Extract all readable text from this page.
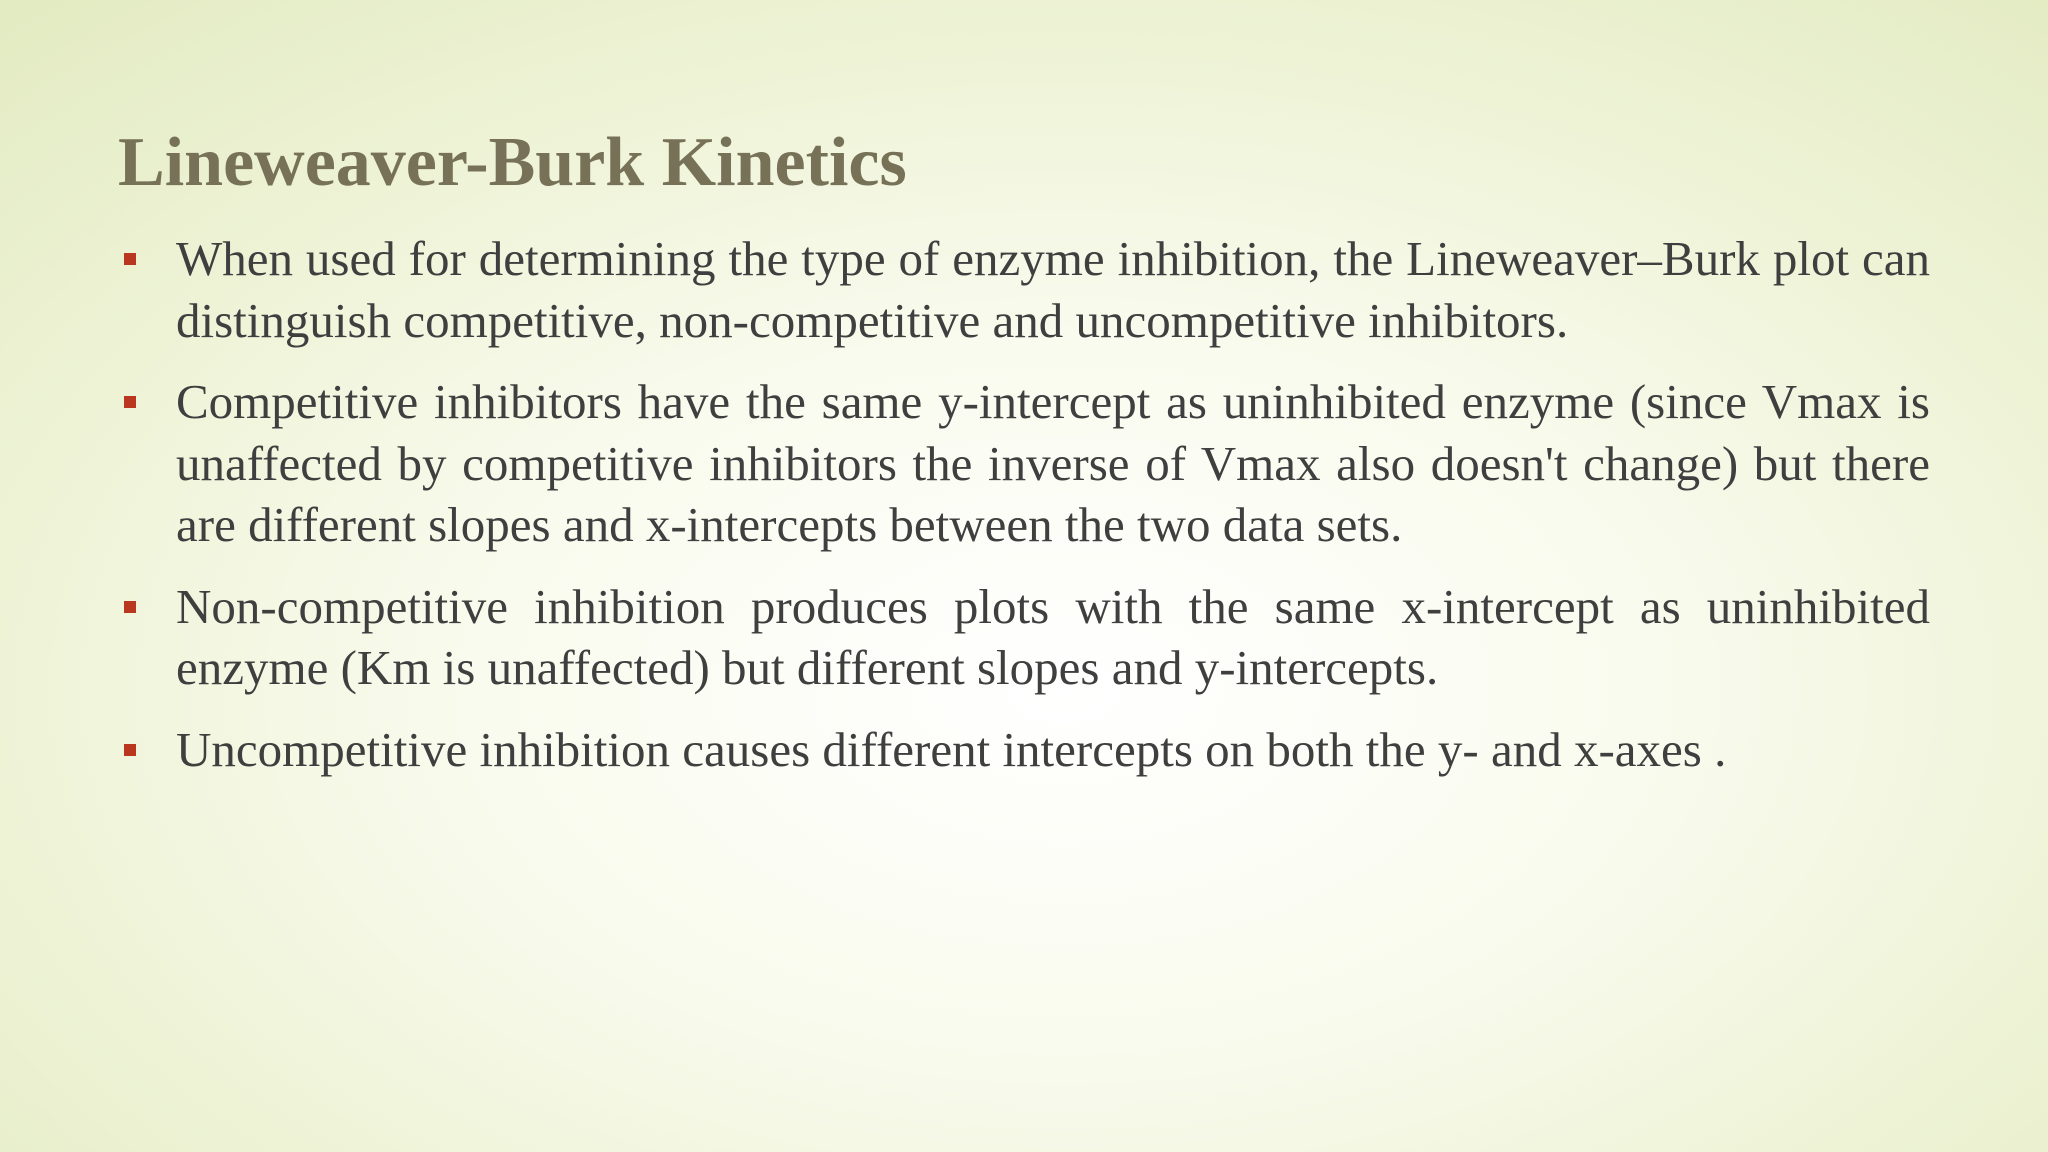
Lineweaver-Burk Kinetics
When used for determining the type of enzyme inhibition, the Lineweaver–Burk plot can distinguish competitive, non-competitive and uncompetitive inhibitors.
Competitive inhibitors have the same y-intercept as uninhibited enzyme (since Vmax is unaffected by competitive inhibitors the inverse of Vmax also doesn't change) but there are different slopes and x-intercepts between the two data sets.
Non-competitive inhibition produces plots with the same x-intercept as uninhibited enzyme (Km is unaffected) but different slopes and y-intercepts.
Uncompetitive inhibition causes different intercepts on both the y- and x-axes .
